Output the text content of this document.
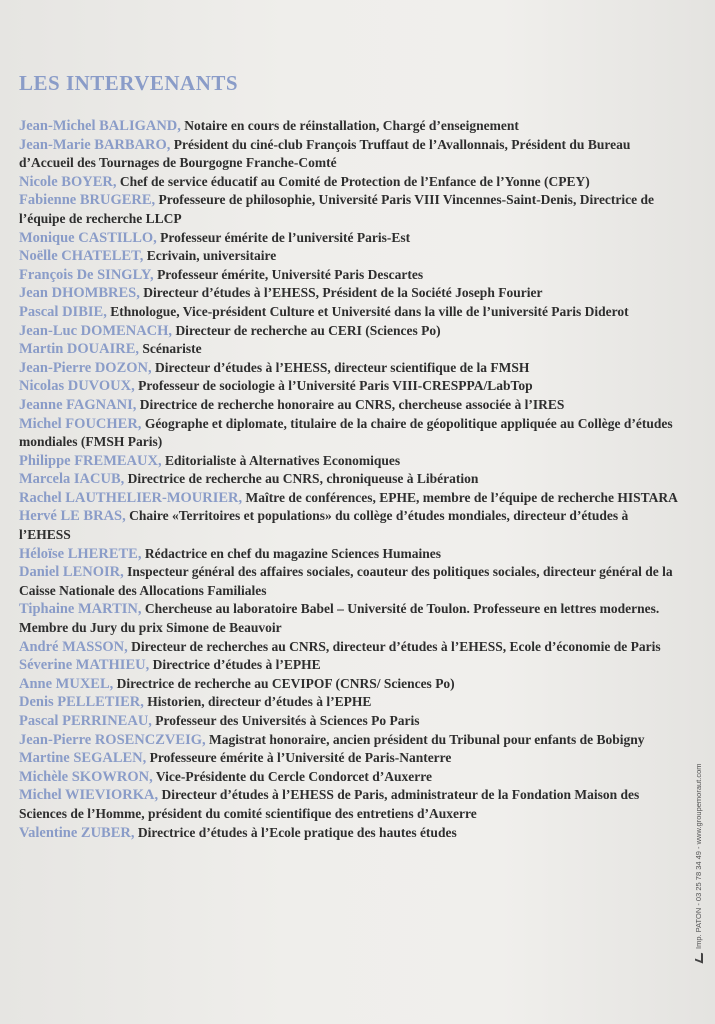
LES INTERVENANTS
Jean-Michel BALIGAND, Notaire en cours de réinstallation, Chargé d’enseignement
Jean-Marie BARBARO, Président du ciné-club François Truffaut de l’Avallonnais, Président du Bureau d’Accueil des Tournages de Bourgogne Franche-Comté
Nicole BOYER, Chef de service éducatif au Comité de Protection de l’Enfance de l’Yonne (CPEY)
Fabienne BRUGERE, Professeure de philosophie, Université Paris VIII Vincennes-Saint-Denis, Directrice de l’équipe de recherche LLCP
Monique CASTILLO, Professeur émérite de l’université Paris-Est
Noëlle CHATELET, Ecrivain, universitaire
François De SINGLY, Professeur émérite, Université Paris Descartes
Jean DHOMBRES, Directeur d’études à l’EHESS, Président de la Société Joseph Fourier
Pascal DIBIE, Ethnologue, Vice-président Culture et Université dans la ville de l’université Paris Diderot
Jean-Luc DOMENACH, Directeur de recherche au CERI (Sciences Po)
Martin DOUAIRE, Scénariste
Jean-Pierre DOZON, Directeur d’études à l’EHESS, directeur scientifique de la FMSH
Nicolas DUVOUX, Professeur de sociologie à l’Université Paris VIII-CRESPPA/LabTop
Jeanne FAGNANI, Directrice de recherche honoraire au CNRS, chercheuse associée à l’IRES
Michel FOUCHER, Géographe et diplomate, titulaire de la chaire de géopolitique appliquée au Collège d’études mondiales (FMSH Paris)
Philippe FREMEAUX, Editorialiste à Alternatives Economiques
Marcela IACUB, Directrice de recherche au CNRS, chroniqueuse à Libération
Rachel LAUTHELIER-MOURIER, Maître de conférences, EPHE, membre de l’équipe de recherche HISTARA
Hervé LE BRAS, Chaire «Territoires et populations» du collège d’études mondiales, directeur d’études à l’EHESS
Héloïse LHERETE, Rédactrice en chef du magazine Sciences Humaines
Daniel LENOIR, Inspecteur général des affaires sociales, coauteur des politiques sociales, directeur général de la Caisse Nationale des Allocations Familiales
Tiphaine MARTIN, Chercheuse au laboratoire Babel – Université de Toulon. Professeure en lettres modernes. Membre du Jury du prix Simone de Beauvoir
André MASSON, Directeur de recherches au CNRS, directeur d’études à l’EHESS, Ecole d’économie de Paris
Séverine MATHIEU, Directrice d’études à l’EPHE
Anne MUXEL, Directrice de recherche au CEVIPOF (CNRS/ Sciences Po)
Denis PELLETIER, Historien, directeur d’études à l’EPHE
Pascal PERRINEAU, Professeur des Universités à Sciences Po Paris
Jean-Pierre ROSENCZVEIG, Magistrat honoraire, ancien président du Tribunal pour enfants de Bobigny
Martine SEGALEN, Professeure émérite à l’Université de Paris-Nanterre
Michèle SKOWRON, Vice-Présidente du Cercle Condorcet d’Auxerre
Michel WIEVIORKA, Directeur d’études à l’EHESS de Paris, administrateur de la Fondation Maison des Sciences de l’Homme, président du comité scientifique des entretiens d’Auxerre
Valentine ZUBER, Directrice d’études à l’Ecole pratique des hautes études	Imp. PATON - 03 25 78 34 49 - www.groupemoraut.com
